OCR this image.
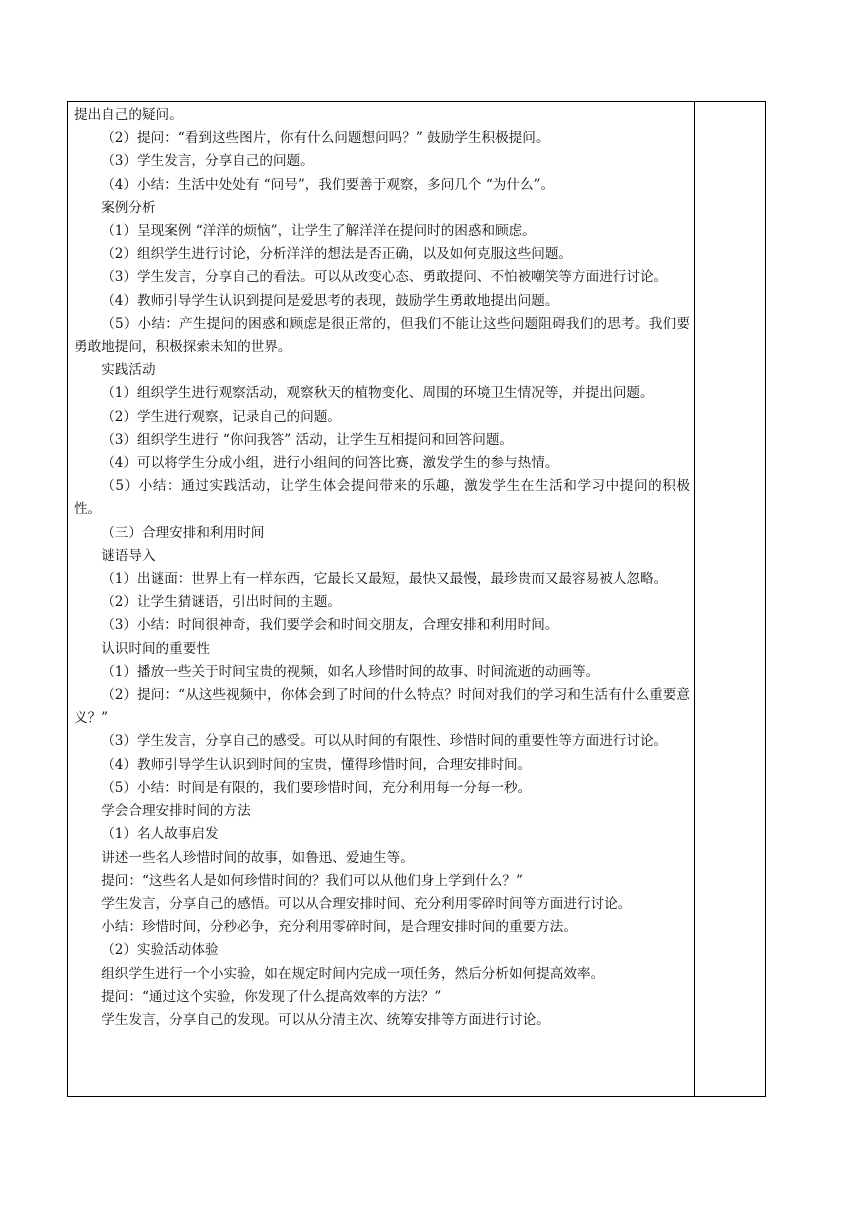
提出自己的疑问。

（2）提问：“看到这些图片，你有什么问题想问吗？” 鼓励学生积极提问。

（3）学生发言，分享自己的问题。

（4）小结：生活中处处有 “问号”，我们要善于观察，多问几个 “为什么”。

案例分析

（1）呈现案例 “洋洋的烦恼”，让学生了解洋洋在提问时的困惑和顾虑。

（2）组织学生进行讨论，分析洋洋的想法是否正确，以及如何克服这些问题。

（3）学生发言，分享自己的看法。可以从改变心态、勇敢提问、不怕被嘲笑等方面进行讨论。

（4）教师引导学生认识到提问是爱思考的表现，鼓励学生勇敢地提出问题。

（5）小结：产生提问的困惑和顾虑是很正常的，但我们不能让这些问题阻碍我们的思考。我们要勇敢地提问，积极探索未知的世界。

实践活动

（1）组织学生进行观察活动，观察秋天的植物变化、周围的环境卫生情况等，并提出问题。

（2）学生进行观察，记录自己的问题。

（3）组织学生进行 “你问我答” 活动，让学生互相提问和回答问题。

（4）可以将学生分成小组，进行小组间的问答比赛，激发学生的参与热情。

（5）小结：通过实践活动，让学生体会提问带来的乐趣，激发学生在生活和学习中提问的积极性。

（三）合理安排和利用时间

谜语导入

（1）出谜面：世界上有一样东西，它最长又最短，最快又最慢，最珍贵而又最容易被人忽略。

（2）让学生猜谜语，引出时间的主题。

（3）小结：时间很神奇，我们要学会和时间交朋友，合理安排和利用时间。

认识时间的重要性

（1）播放一些关于时间宝贵的视频，如名人珍惜时间的故事、时间流逝的动画等。

（2）提问：“从这些视频中，你体会到了时间的什么特点？时间对我们的学习和生活有什么重要意义？”

（3）学生发言，分享自己的感受。可以从时间的有限性、珍惜时间的重要性等方面进行讨论。

（4）教师引导学生认识到时间的宝贵，懂得珍惜时间，合理安排时间。

（5）小结：时间是有限的，我们要珍惜时间，充分利用每一分每一秒。

学会合理安排时间的方法

（1）名人故事启发

讲述一些名人珍惜时间的故事，如鲁迅、爱迪生等。

提问：“这些名人是如何珍惜时间的？我们可以从他们身上学到什么？”

学生发言，分享自己的感悟。可以从合理安排时间、充分利用零碎时间等方面进行讨论。

小结：珍惜时间，分秒必争，充分利用零碎时间，是合理安排时间的重要方法。

（2）实验活动体验

组织学生进行一个小实验，如在规定时间内完成一项任务，然后分析如何提高效率。

提问：“通过这个实验，你发现了什么提高效率的方法？”

学生发言，分享自己的发现。可以从分清主次、统筹安排等方面进行讨论。
